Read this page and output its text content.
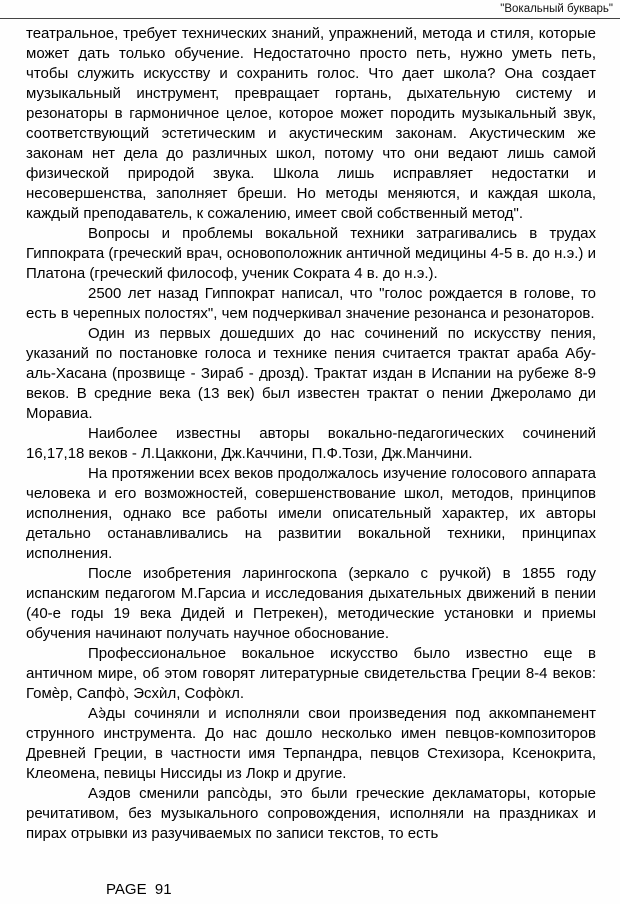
"Вокальный букварь"

театральное, требует технических знаний, упражнений, метода и стиля, которые может дать только обучение. Недостаточно просто петь, нужно уметь петь, чтобы служить искусству и сохранить голос. Что дает школа? Она создает музыкальный инструмент, превращает гортань, дыхательную систему и резонаторы в гармоничное целое, которое может породить музыкальный звук, соответствующий эстетическим и акустическим законам. Акустическим же законам нет дела до различных школ, потому что они ведают лишь самой физической природой звука. Школа лишь исправляет недостатки и несовершенства, заполняет бреши. Но методы меняются, и каждая школа, каждый преподаватель, к сожалению, имеет свой собственный метод".

Вопросы и проблемы вокальной техники затрагивались в трудах Гиппократа (греческий врач, основоположник античной медицины 4-5 в. до н.э.) и Платона (греческий философ, ученик Сократа 4 в. до н.э.).

2500 лет назад Гиппократ написал, что "голос рождается в голове, то есть в черепных полостях", чем подчеркивал значение резонанса и резонаторов.

Один из первых дошедших до нас сочинений по искусству пения, указаний по постановке голоса и технике пения считается трактат араба Абу-аль-Хасана (прозвище - Зираб - дрозд). Трактат издан в Испании на рубеже 8-9 веков. В средние века (13 век) был известен трактат о пении Джероламо ди Моравиа.

Наиболее известны авторы вокально-педагогических сочинений 16,17,18 веков - Л.Цаккони, Дж.Каччини, П.Ф.Този, Дж.Манчини.

На протяжении всех веков продолжалось изучение голосового аппарата человека и его возможностей, совершенствование школ, методов, принципов исполнения, однако все работы имели описательный характер, их авторы детально останавливались на развитии вокальной техники, принципах исполнения.

После изобретения ларингоскопа (зеркало с ручкой) в 1855 году испанским педагогом М.Гарсиа и исследования дыхательных движений в пении (40-е годы 19 века Дидей и Петрекен), методические установки и приемы обучения начинают получать научное обоснование.

Профессиональное вокальное искусство было известно еще в античном мире, об этом говорят литературные свидетельства Греции 8-4 веков: Гомѐр, Сапфо̀, Эсхѝл, Софо̀кл.

Аэ̀ды сочиняли и исполняли свои произведения под аккомпанемент струнного инструмента. До нас дошло несколько имен певцов-композиторов Древней Греции, в частности имя Терпандра, певцов Стехизора, Ксенокрита, Клеомена, певицы Ниссиды из Локр и другие.

Аэдов сменили рапсо̀ды, это были греческие декламаторы, которые речитативом, без музыкального сопровождения, исполняли на праздниках и пирах отрывки из разучиваемых по записи текстов, то есть

PAGE  91
